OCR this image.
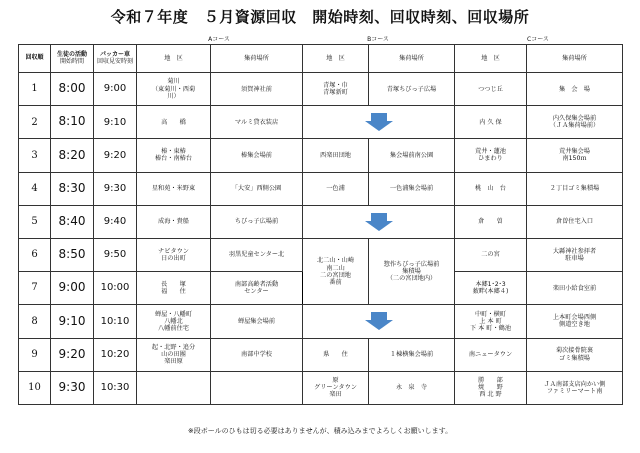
令和７年度　５月資源回収　開始時刻、回収時刻、回収場所
Aコース	Bコース	Cコース
回収順	生徒の活動
開始時間	パッカー車
回収見安時刻	地　区	集荷場所	地　区	集荷場所	地　区	集荷場所
1	8:00	9:00	菊川
（東菊川・西菊
川）	須賀神社前	青塚・巾
青塚新町	青塚ちびっ子広場	つつじ丘	集　会　場

2	8:10	9:10	高　　橋	マルミ貸衣装店			内 久 保	内久保集会場前
（ＪＡ集荷場前）

3	8:20	9:20	椿・東椿
椿台・南椿台	椿集会場前	西楽田団地	集会場前南公園	荒井・蓮池
ひまわり	荒井集会場
南150ｍ

4	8:30	9:30	星和苑・米野東	「大安」西側公園	一色浦	一色浦集会場前	桃　山　台	２丁目ゴミ集積場

5	8:40	9:40	成海・貴船	ちびっ子広場前			倉　　曽	倉曽住宅入口

6	8:50	9:50	ナビタウン
日の出町	羽黒児童センター北	北二山・山崎
南二山
二の宮団地
番前	惣作ちびっ子広場前
集積場
（二の宮団地内）	二の宮	大縣神社参拝者
駐車場

7	9:00	10:00	長　　塚
福　　住	南部高齢者活動
センター			本郷1･2･3
薮畔(本郷４)	楽田小給食室前

8	9:10	10:10	蝉屋・八幡町
八幡北
八幡前住宅	蝉屋集会場前			中町・横町
上 本 町
下 本 町・鶴池	上本町会場西側
側道空き地

9	9:20	10:20	起・北野・追分
山の田團
楽田原	南部中学校	県　　住	１棟横集会場前	南ニュータウン	菊次接骨院裏
ゴミ集積場

10	9:30	10:30			原
グリーンタウン
楽田	永　泉　寺	勝　　部
焼　　野
西 北 野	ＪＡ南部支店向かい側
ファミリーマート南
※段ボールのひもは切る必要はありませんが、積み込みまでよろしくお願いします。
